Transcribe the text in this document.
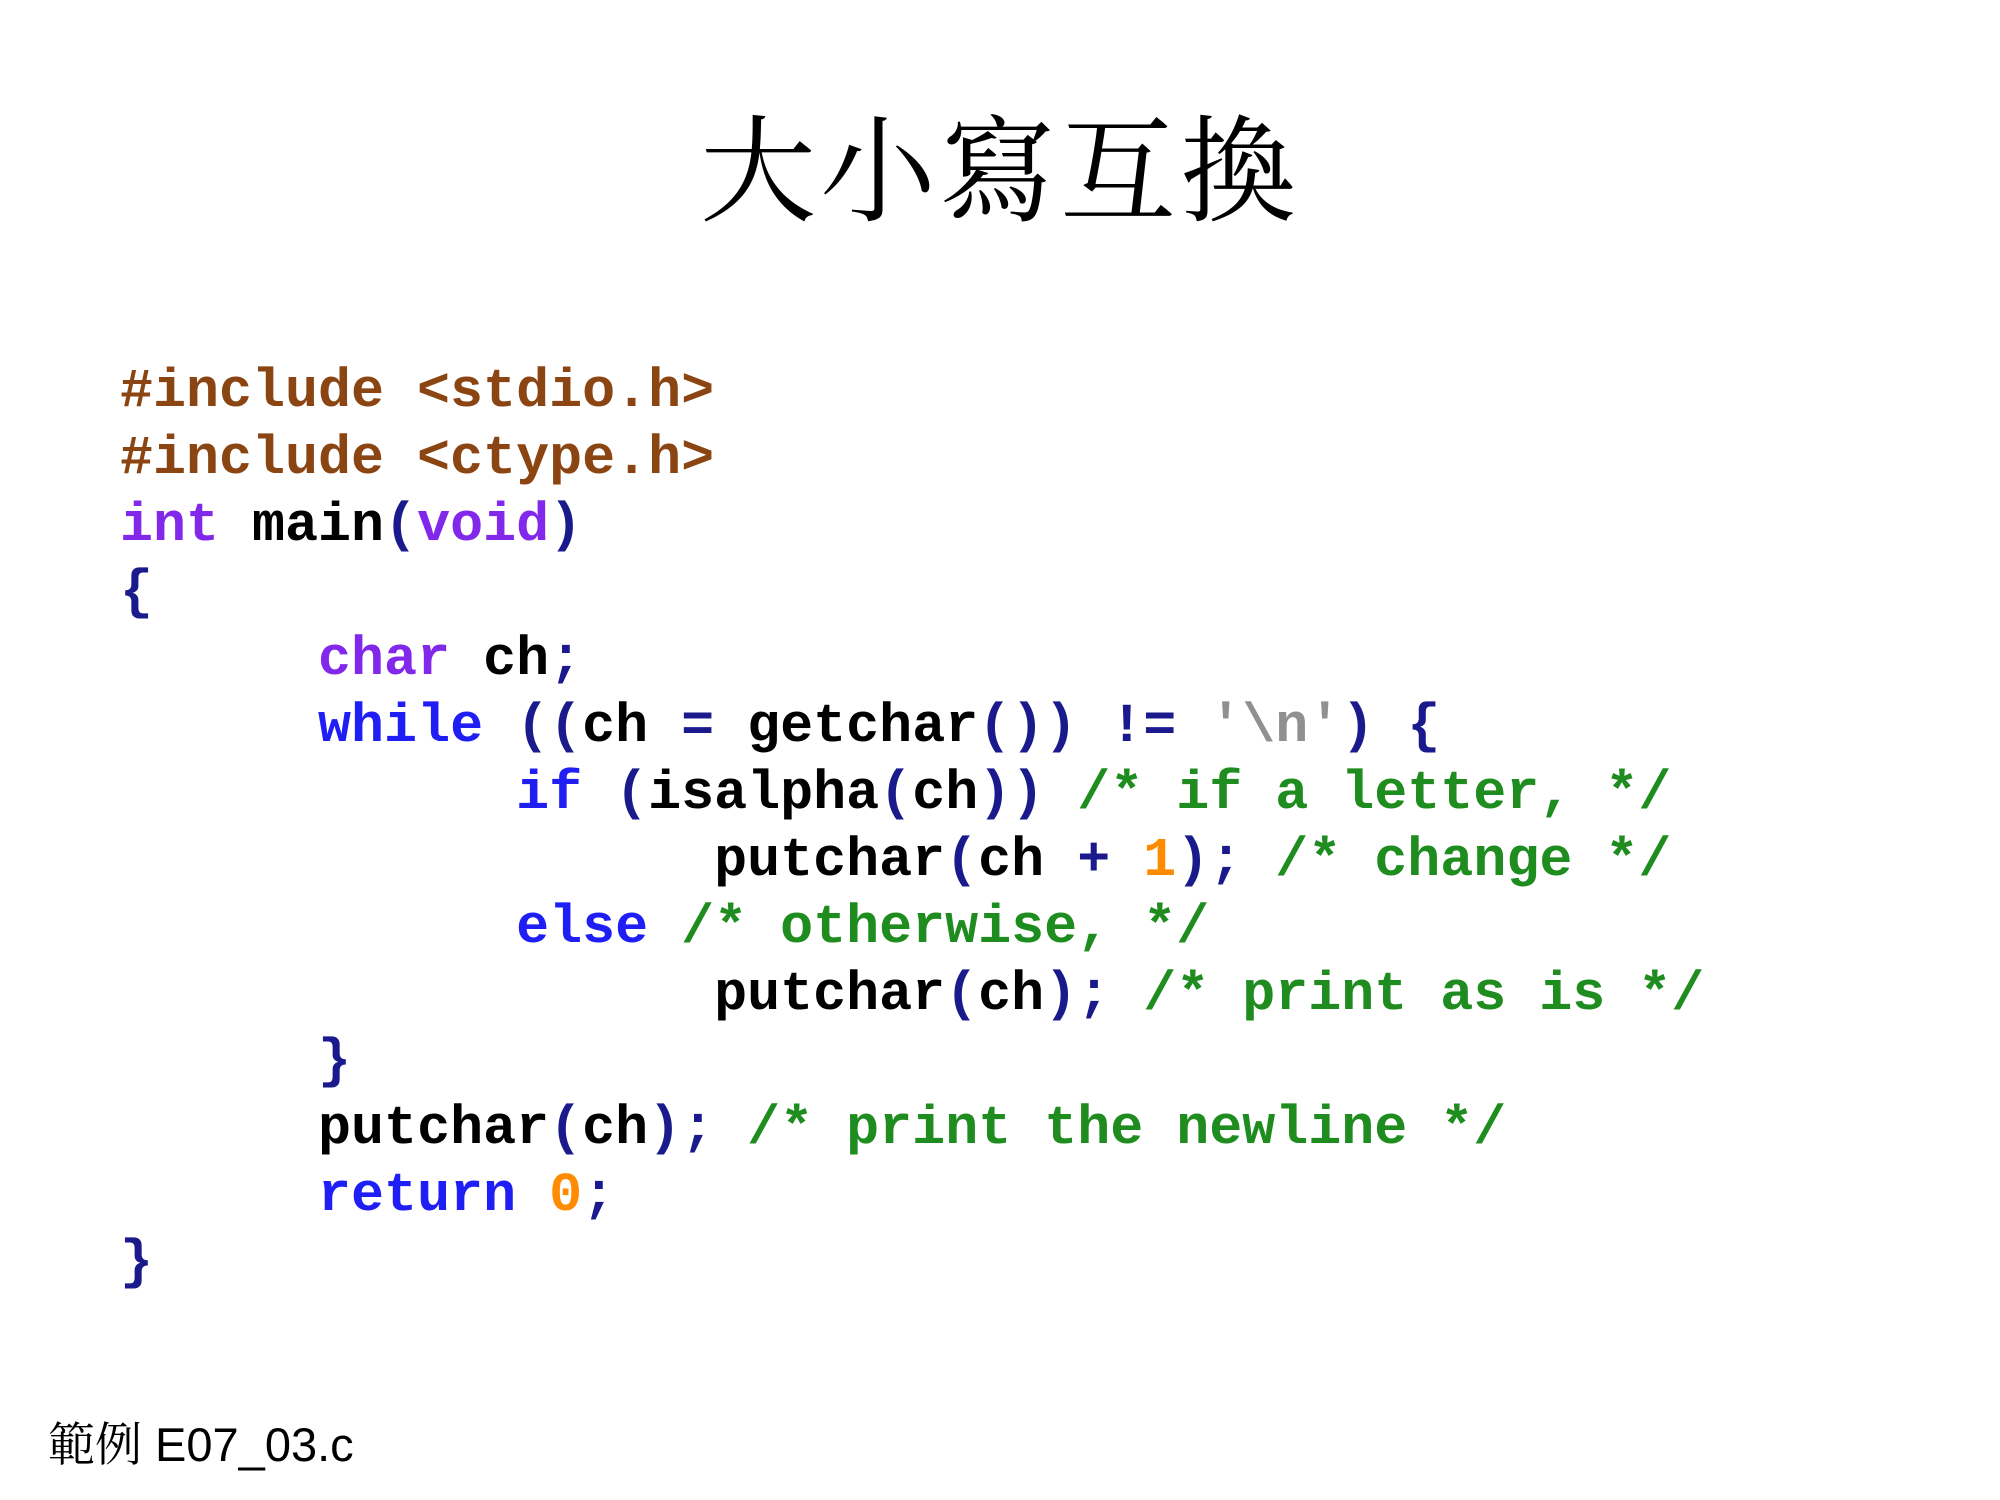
大小寫互換
#include <stdio.h>
#include <ctype.h>
int main(void)
{
char ch;
while ((ch = getchar()) != '\n') {
if (isalpha(ch)) /* if a letter, */
putchar(ch + 1); /* change */
else /* otherwise, */
putchar(ch); /* print as is */
}
putchar(ch); /* print the newline */
return 0;
}
範例 E07_03.c
